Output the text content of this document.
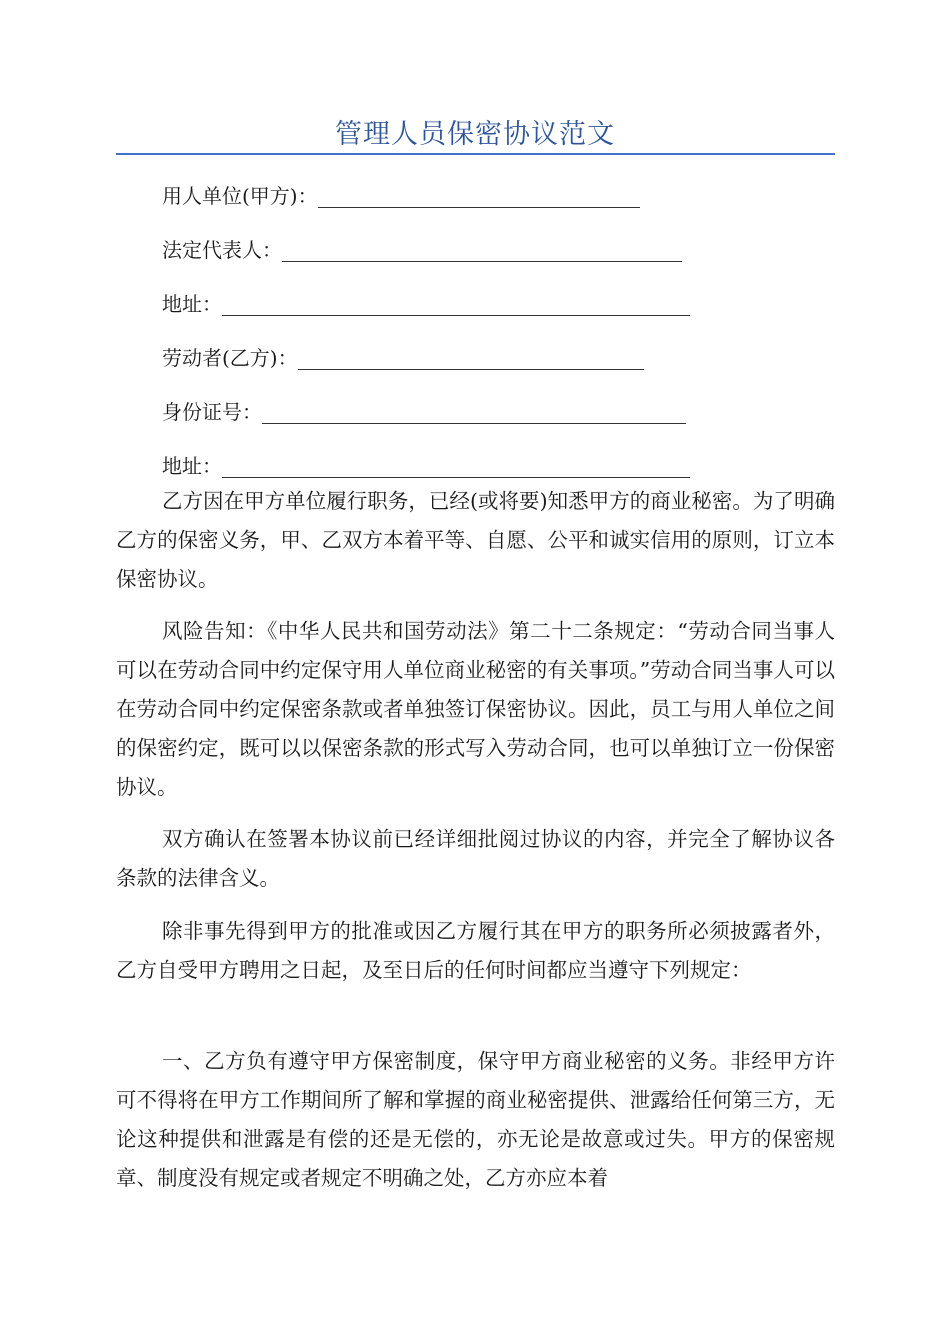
管理人员保密协议范文
用人单位(甲方)：
法定代表人：
地址：
劳动者(乙方)：
身份证号：
地址：

乙方因在甲方单位履行职务，已经(或将要)知悉甲方的商业秘密。为了明确乙方的保密义务，甲、乙双方本着平等、自愿、公平和诚实信用的原则，订立本保密协议。

风险告知：《中华人民共和国劳动法》第二十二条规定：“劳动合同当事人可以在劳动合同中约定保守用人单位商业秘密的有关事项。”劳动合同当事人可以在劳动合同中约定保密条款或者单独签订保密协议。因此，员工与用人单位之间的保密约定，既可以以保密条款的形式写入劳动合同，也可以单独订立一份保密协议。

双方确认在签署本协议前已经详细批阅过协议的内容，并完全了解协议各条款的法律含义。

除非事先得到甲方的批准或因乙方履行其在甲方的职务所必须披露者外，乙方自受甲方聘用之日起，及至日后的任何时间都应当遵守下列规定：

一、乙方负有遵守甲方保密制度，保守甲方商业秘密的义务。非经甲方许可不得将在甲方工作期间所了解和掌握的商业秘密提供、泄露给任何第三方，无论这种提供和泄露是有偿的还是无偿的，亦无论是故意或过失。甲方的保密规章、制度没有规定或者规定不明确之处，乙方亦应本着
